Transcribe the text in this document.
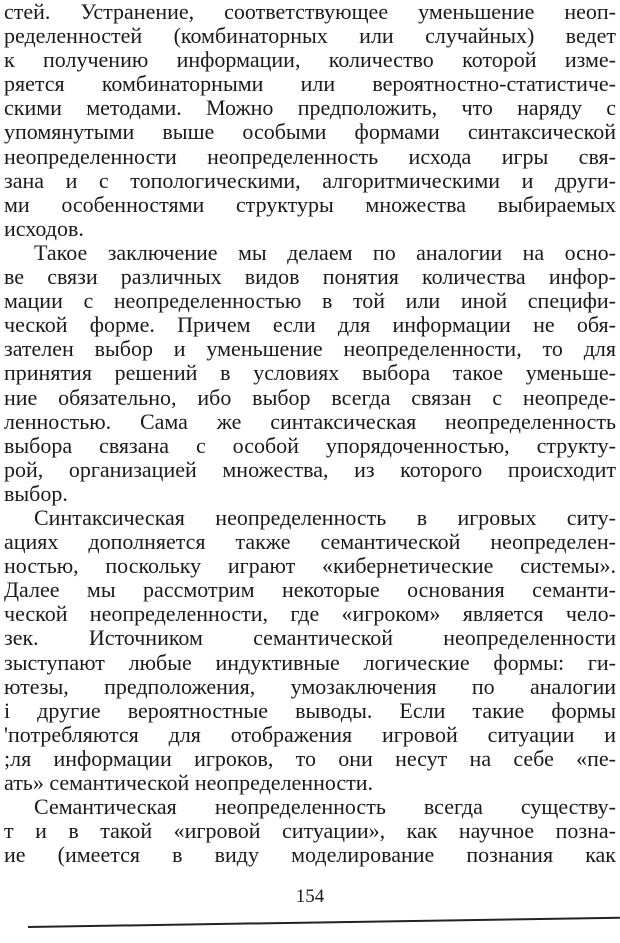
стей. Устранение, соответствующее уменьшение неоп-
ределенностей (комбинаторных или случайных) ведет
к получению информации, количество которой изме-
ряется комбинаторными или вероятностно-статистиче-
скими методами. Можно предположить, что наряду с
упомянутыми выше особыми формами синтаксической
неопределенности неопределенность исхода игры свя-
зана и с топологическими, алгоритмическими и други-
ми особенностями структуры множества выбираемых
исходов.
Такое заключение мы делаем по аналогии на осно-
ве связи различных видов понятия количества инфор-
мации с неопределенностью в той или иной специфи-
ческой форме. Причем если для информации не обя-
зателен выбор и уменьшение неопределенности, то для
принятия решений в условиях выбора такое уменьше-
ние обязательно, ибо выбор всегда связан с неопреде-
ленностью. Сама же синтаксическая неопределенность
выбора связана с особой упорядоченностью, структу-
рой, организацией множества, из которого происходит
выбор.
Синтаксическая неопределенность в игровых ситу-
ациях дополняется также семантической неопределен-
ностью, поскольку играют «кибернетические системы».
Далее мы рассмотрим некоторые основания семанти-
ческой неопределенности, где «игроком» является чело-
зек. Источником семантической неопределенности
зыступают любые индуктивные логические формы: ги-
ютезы, предположения, умозаключения по аналогии
і другие вероятностные выводы. Если такие формы
'потребляются для отображения игровой ситуации и
;ля информации игроков, то они несут на себе «пе-
ать» семантической неопределенности.
Семантическая неопределенность всегда существу-
т и в такой «игровой ситуации», как научное позна-
ие (имеется в виду моделирование познания как
154
